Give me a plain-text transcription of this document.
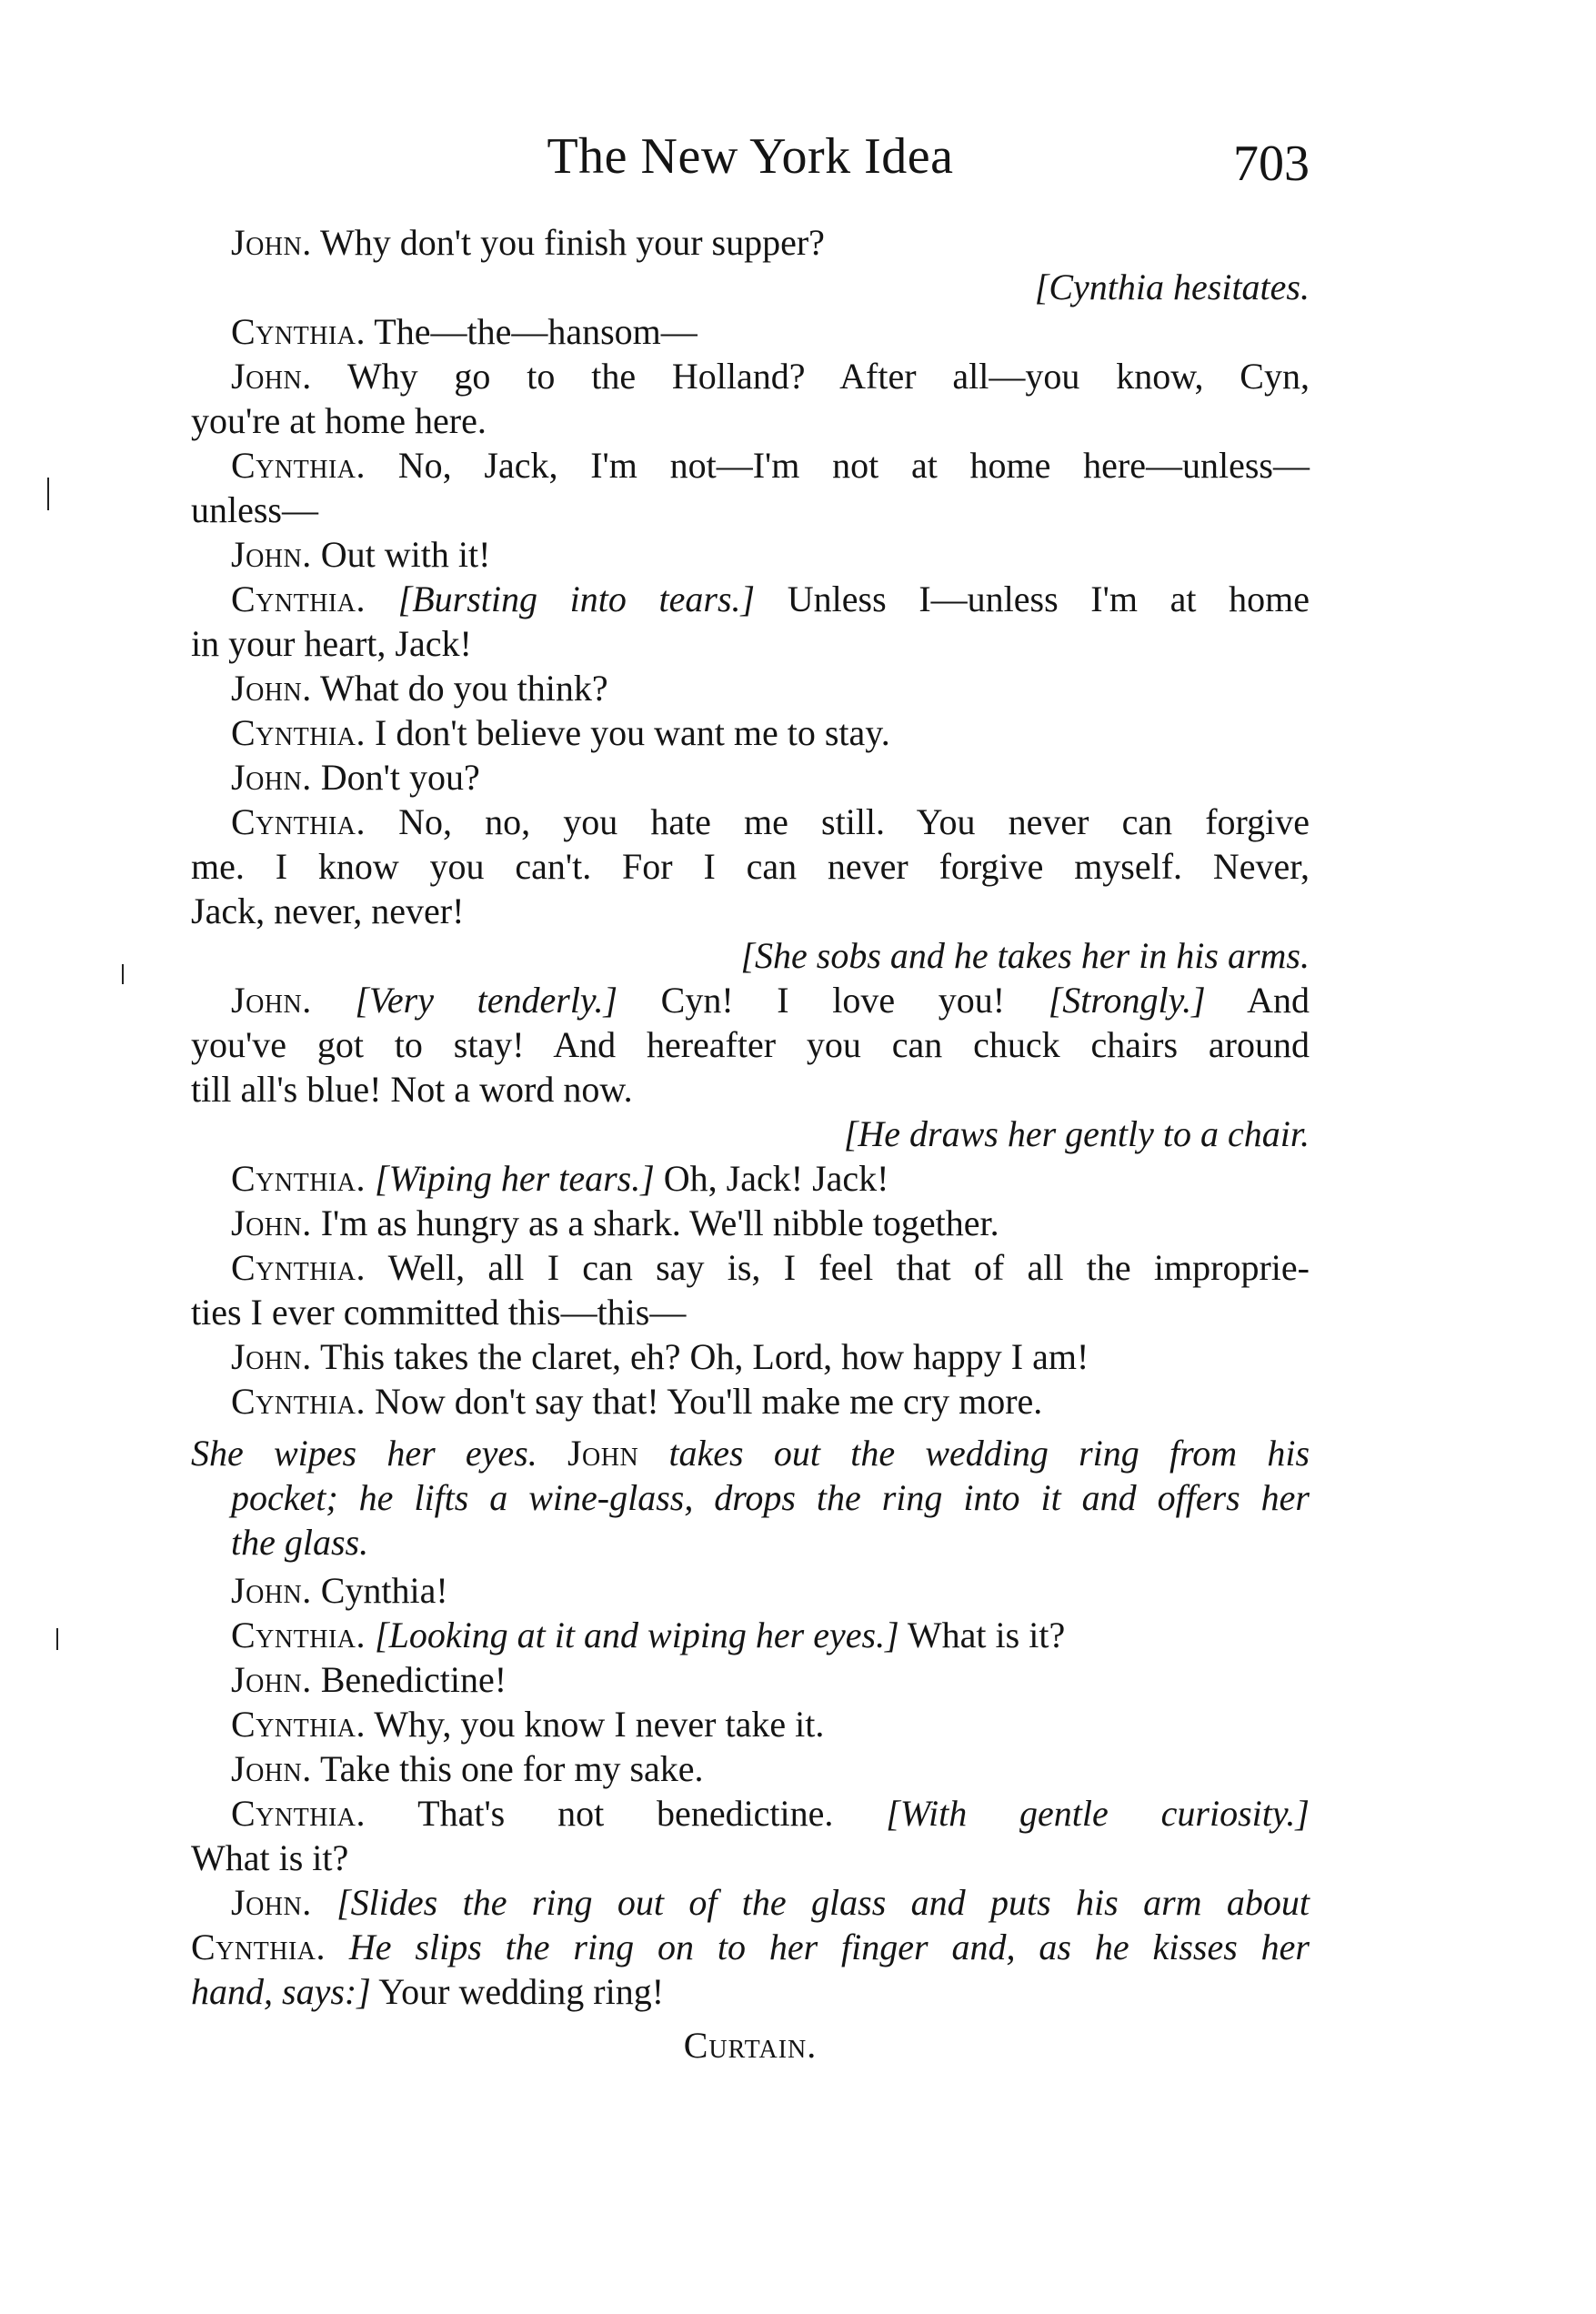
The New York Idea	703
John. Why don't you finish your supper?
[Cynthia hesitates.
Cynthia. The—the—hansom—
John. Why go to the Holland? After all—you know, Cyn,
you're at home here.
Cynthia. No, Jack, I'm not—I'm not at home here—unless—
unless—
John. Out with it!
Cynthia. [Bursting into tears.] Unless I—unless I'm at home
in your heart, Jack!
John. What do you think?
Cynthia. I don't believe you want me to stay.
John. Don't you?
Cynthia. No, no, you hate me still. You never can forgive
me. I know you can't. For I can never forgive myself. Never,
Jack, never, never!
[She sobs and he takes her in his arms.
John. [Very tenderly.] Cyn! I love you! [Strongly.] And
you've got to stay! And hereafter you can chuck chairs around
till all's blue! Not a word now.
[He draws her gently to a chair.
Cynthia. [Wiping her tears.] Oh, Jack! Jack!
John. I'm as hungry as a shark. We'll nibble together.
Cynthia. Well, all I can say is, I feel that of all the improprie-
ties I ever committed this—this—
John. This takes the claret, eh? Oh, Lord, how happy I am!
Cynthia. Now don't say that! You'll make me cry more.
She wipes her eyes. John takes out the wedding ring from his
pocket; he lifts a wine-glass, drops the ring into it and offers her
the glass.
John. Cynthia!
Cynthia. [Looking at it and wiping her eyes.] What is it?
John. Benedictine!
Cynthia. Why, you know I never take it.
John. Take this one for my sake.
Cynthia. That's not benedictine. [With gentle curiosity.]
What is it?
John. [Slides the ring out of the glass and puts his arm about
Cynthia. He slips the ring on to her finger and, as he kisses her
hand, says:] Your wedding ring!
Curtain.
